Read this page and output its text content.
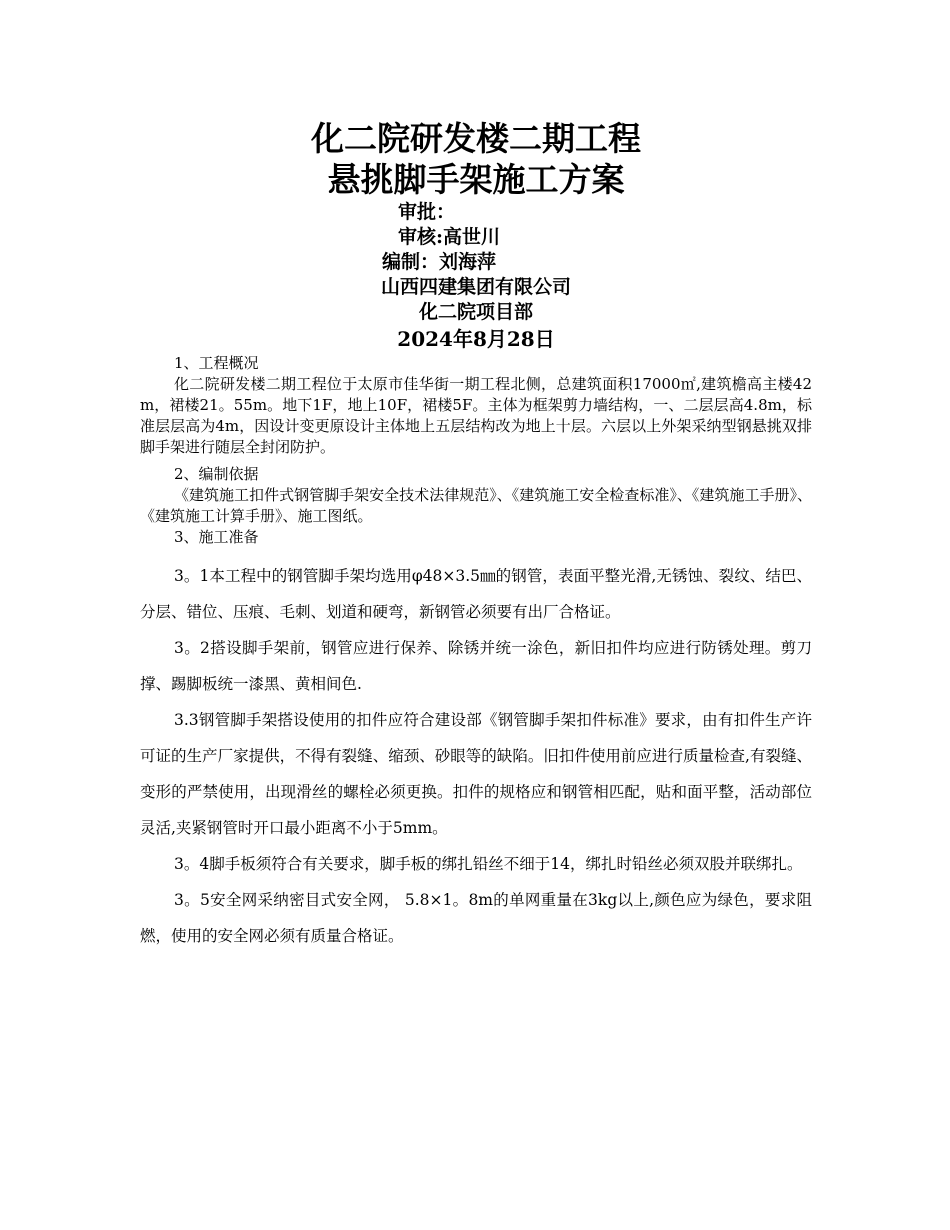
化二院研发楼二期工程

悬挑脚手架施工方案

审批：

审核:高世川

编制：刘海萍

山西四建集团有限公司

化二院项目部

2024年8月28日

1、工程概况

化二院研发楼二期工程位于太原市佳华街一期工程北侧，总建筑面积17000㎡,建筑檐高主楼42 m，裙楼21。55m。地下1F，地上10F，裙楼5F。主体为框架剪力墙结构，一、二层层高4.8m，标准层层高为4m，因设计变更原设计主体地上五层结构改为地上十层。六层以上外架采纳型钢悬挑双排脚手架进行随层全封闭防护。

2、编制依据

《建筑施工扣件式钢管脚手架安全技术法律规范》、《建筑施工安全检查标准》、《建筑施工手册》、《建筑施工计算手册》、施工图纸。

3、施工准备

3。1本工程中的钢管脚手架均选用φ48×3.5㎜的钢管，表面平整光滑,无锈蚀、裂纹、结巴、分层、错位、压痕、毛刺、划道和硬弯，新钢管必须要有出厂合格证。

3。2搭设脚手架前，钢管应进行保养、除锈并统一涂色，新旧扣件均应进行防锈处理。剪刀撑、踢脚板统一漆黑、黄相间色.

3.3钢管脚手架搭设使用的扣件应符合建设部《钢管脚手架扣件标准》要求，由有扣件生产许可证的生产厂家提供，不得有裂缝、缩颈、砂眼等的缺陷。旧扣件使用前应进行质量检查,有裂缝、变形的严禁使用，出现滑丝的螺栓必须更换。扣件的规格应和钢管相匹配，贴和面平整，活动部位灵活,夹紧钢管时开口最小距离不小于5mm。

3。4脚手板须符合有关要求，脚手板的绑扎铅丝不细于14，绑扎时铅丝必须双股并联绑扎。

3。5安全网采纳密目式安全网， 5.8×1。8m的单网重量在3kg以上,颜色应为绿色，要求阻燃，使用的安全网必须有质量合格证。
